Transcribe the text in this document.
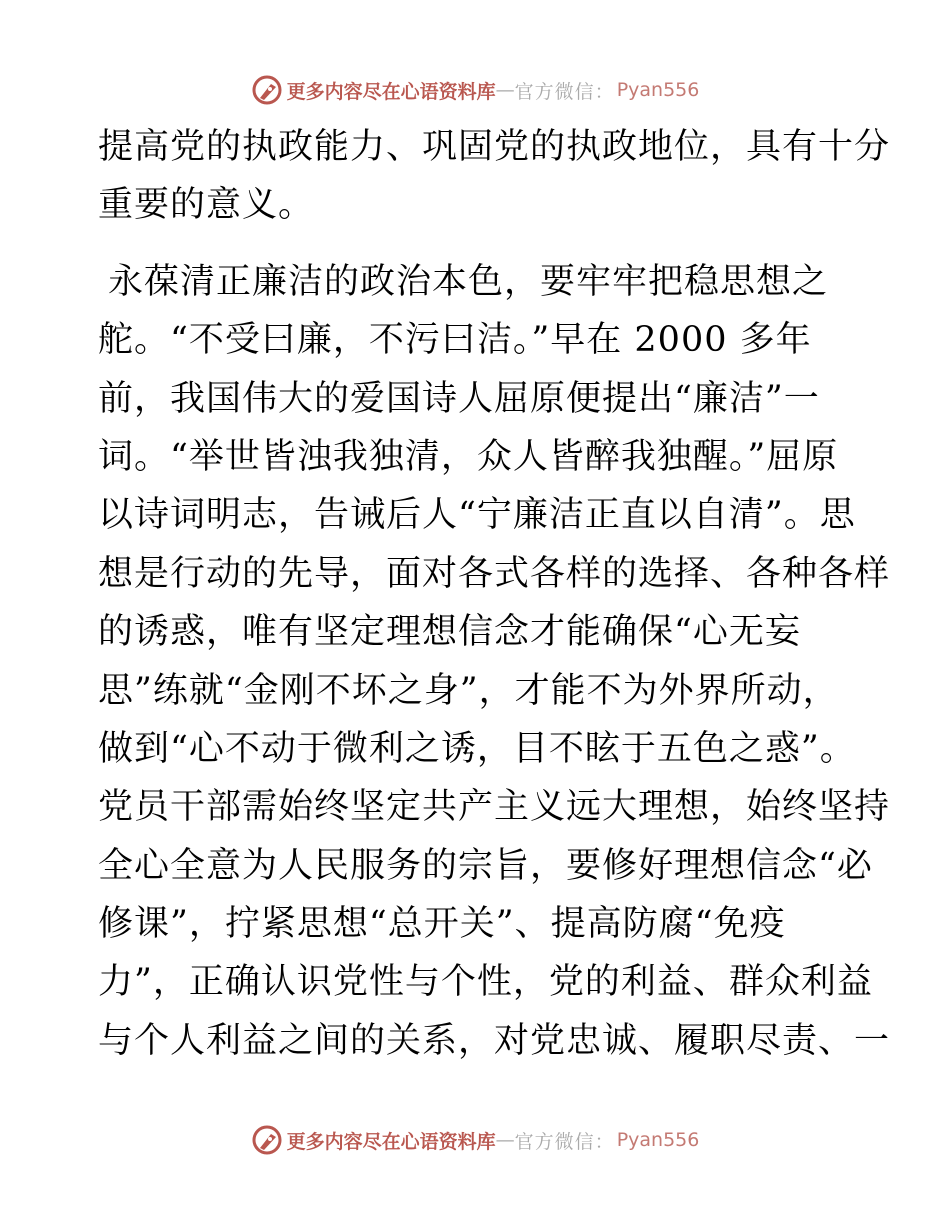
更多内容尽在心语资料库 — 官方微信： Pyan556
提高党的执政能力、巩固党的执政地位，具有十分
重要的意义。
永葆清正廉洁的政治本色，要牢牢把稳思想之
舵。“不受曰廉，不污曰洁。”早在 2000 多年
前，我国伟大的爱国诗人屈原便提出“廉洁”一
词。“举世皆浊我独清，众人皆醉我独醒。”屈原
以诗词明志，告诫后人“宁廉洁正直以自清”。思
想是行动的先导，面对各式各样的选择、各种各样
的诱惑，唯有坚定理想信念才能确保“心无妄
思”练就“金刚不坏之身”，才能不为外界所动，
做到“心不动于微利之诱，目不眩于五色之惑”。
党员干部需始终坚定共产主义远大理想，始终坚持
全心全意为人民服务的宗旨，要修好理想信念“必
修课”，拧紧思想“总开关”、提高防腐“免疫
力”，正确认识党性与个性，党的利益、群众利益
与个人利益之间的关系，对党忠诚、履职尽责、一
更多内容尽在心语资料库 — 官方微信： Pyan556
